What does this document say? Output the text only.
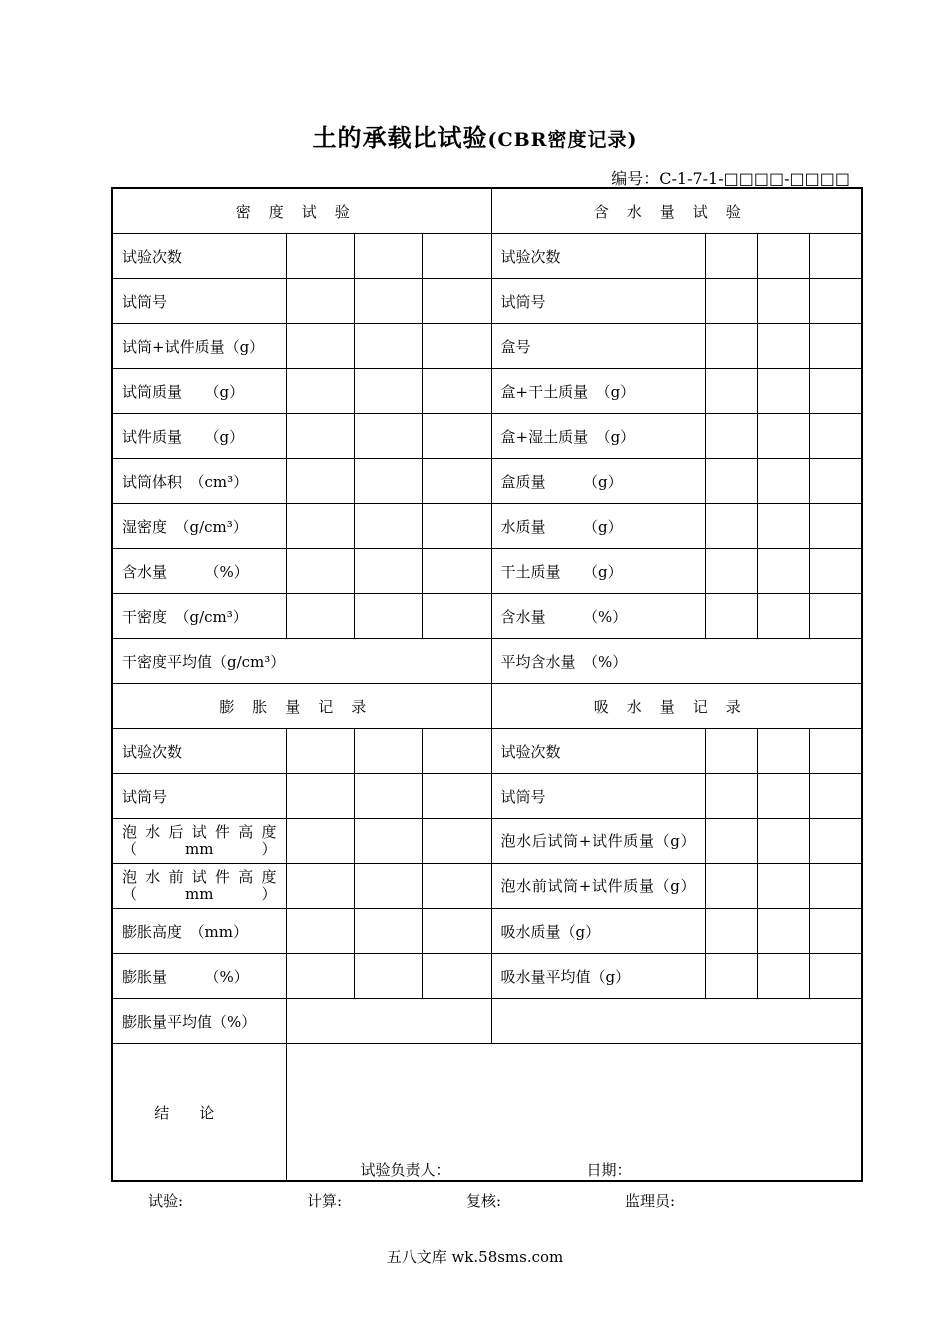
土的承载比试验(CBR密度记录)
编号：C-1-7-1-□□□□-□□□□
密度试验				含水量试验			
试验次数				试验次数			
试筒号				试筒号			
试筒+试件质量（g）				盒号			
试筒质量　　（g）				盒+干土质量　（g）			
试件质量　　（g）				盒+湿土质量　（g）			
试筒体积　（cm³）				盒质量　　　（g）			
湿密度　（g/cm³）				水质量　　　（g）			
含水量　　　（%）				干土质量　　（g）			
干密度　（g/cm³）				含水量　　　（%）			
干密度平均值（g/cm³）				平均含水量　（%）			
膨胀量记录				吸水量记录			
试验次数				试验次数			
试筒号				试筒号			
泡水后试件高度（mm）				泡水后试筒+试件质量（g）			
泡水前试件高度（mm）				泡水前试筒+试件质量（g）			
膨胀高度　（mm）				吸水质量（g）			
膨胀量　　　（%）				吸水量平均值（g）			
膨胀量平均值（%）							
结论	试验负责人： 日期：						
试验:	计算:	复核:	监理员:
五八文库 wk.58sms.com
